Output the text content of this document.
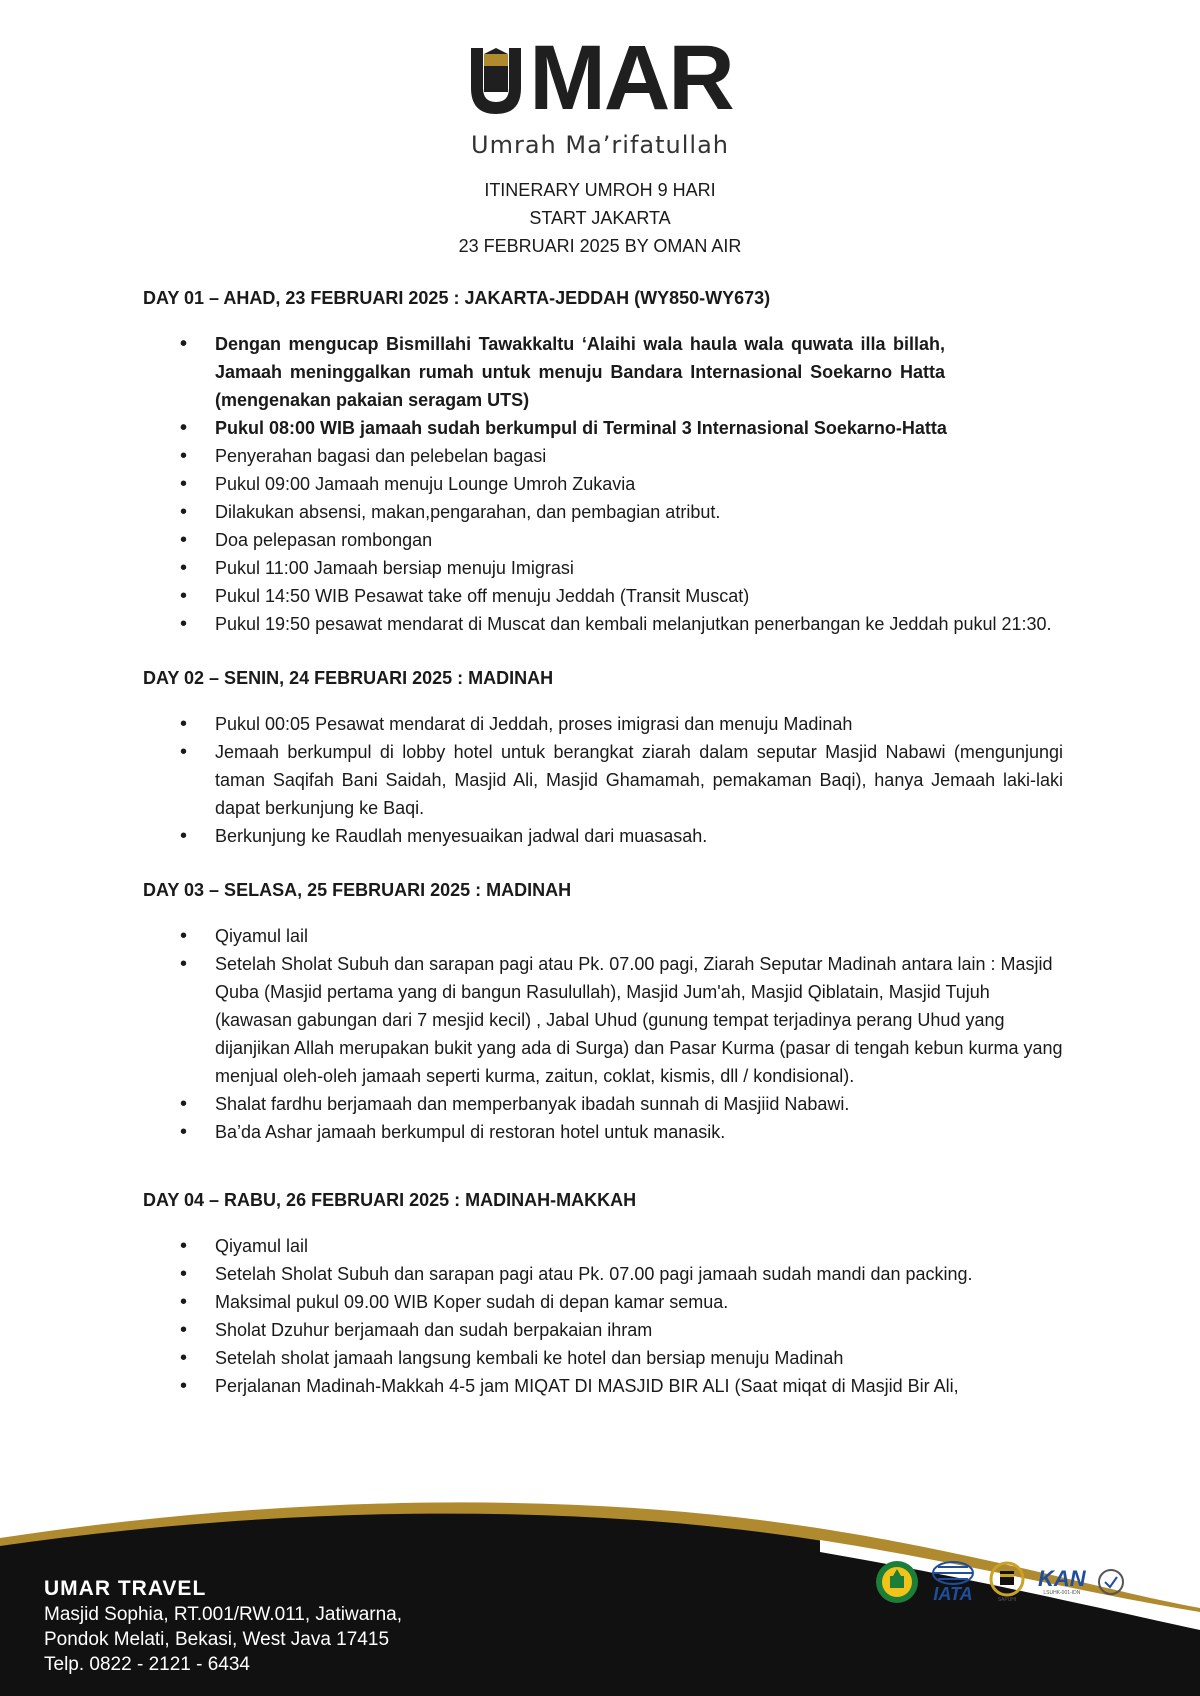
MAR
Umrah Ma’rifatullah
ITINERARY UMROH 9 HARI
START JAKARTA
23 FEBRUARI 2025 BY OMAN AIR

DAY 01 – AHAD, 23 FEBRUARI 2025 : JAKARTA-JEDDAH (WY850-WY673)

• Dengan mengucap Bismillahi Tawakkaltu ‘Alaihi wala haula wala quwata illa billah, Jamaah meninggalkan rumah untuk menuju Bandara Internasional Soekarno Hatta (mengenakan pakaian seragam UTS)
• Pukul 08:00 WIB jamaah sudah berkumpul di Terminal 3 Internasional Soekarno-Hatta
• Penyerahan bagasi dan pelebelan bagasi
• Pukul 09:00 Jamaah menuju Lounge Umroh Zukavia
• Dilakukan absensi, makan,pengarahan, dan pembagian atribut.
• Doa pelepasan rombongan
• Pukul 11:00 Jamaah bersiap menuju Imigrasi
• Pukul 14:50 WIB Pesawat take off menuju Jeddah (Transit Muscat)
• Pukul 19:50 pesawat mendarat di Muscat dan kembali melanjutkan penerbangan ke Jeddah pukul 21:30.

DAY 02 – SENIN, 24 FEBRUARI 2025 : MADINAH

• Pukul 00:05 Pesawat mendarat di Jeddah, proses imigrasi dan menuju Madinah
• Jemaah berkumpul di lobby hotel untuk berangkat ziarah dalam seputar Masjid Nabawi (mengunjungi taman Saqifah Bani Saidah, Masjid Ali, Masjid Ghamamah, pemakaman Baqi), hanya Jemaah laki-laki dapat berkunjung ke Baqi.
• Berkunjung ke Raudlah menyesuaikan jadwal dari muasasah.

DAY 03 – SELASA, 25 FEBRUARI 2025 : MADINAH

• Qiyamul lail
• Setelah Sholat Subuh dan sarapan pagi atau Pk. 07.00 pagi, Ziarah Seputar Madinah antara lain : Masjid Quba (Masjid pertama yang di bangun Rasulullah), Masjid Jum'ah, Masjid Qiblatain, Masjid Tujuh (kawasan gabungan dari 7 mesjid kecil) , Jabal Uhud (gunung tempat terjadinya perang Uhud yang dijanjikan Allah merupakan bukit yang ada di Surga) dan Pasar Kurma (pasar di tengah kebun kurma yang menjual oleh-oleh jamaah seperti kurma, zaitun, coklat, kismis, dll / kondisional).
• Shalat fardhu berjamaah dan memperbanyak ibadah sunnah di Masjiid Nabawi.
• Ba’da Ashar jamaah berkumpul di restoran hotel untuk manasik.

DAY 04 – RABU, 26 FEBRUARI 2025 : MADINAH-MAKKAH

• Qiyamul lail
• Setelah Sholat Subuh dan sarapan pagi atau Pk. 07.00 pagi jamaah sudah mandi dan packing.
• Maksimal pukul 09.00 WIB Koper sudah di depan kamar semua.
• Sholat Dzuhur berjamaah dan sudah berpakaian ihram
• Setelah sholat jamaah langsung kembali ke hotel dan bersiap menuju Madinah
• Perjalanan Madinah-Makkah 4-5 jam MIQAT DI MASJID BIR ALI (Saat miqat di Masjid Bir Ali,
UMAR TRAVEL
Masjid Sophia, RT.001/RW.011, Jatiwarna,
Pondok Melati, Bekasi, West Java 17415
Telp. 0822 - 2121 - 6434
IATA	SAPUHI
KAN
LSUHK-001-IDN
